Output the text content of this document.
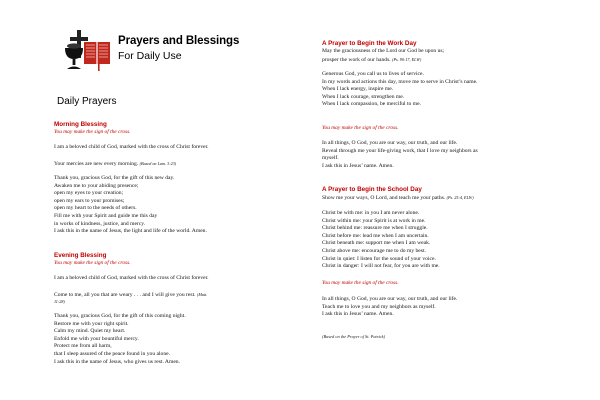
Prayers and Blessings
For Daily Use
Daily Prayers
Morning Blessing
You may make the sign of the cross.
I am a beloved child of God, marked with the cross of Christ forever.
Your mercies are new every morning. (Based on Lam. 3:23)
Thank you, gracious God, for the gift of this new day.
Awaken me to your abiding presence;
open my eyes to your creation;
open my ears to your promises;
open my heart to the needs of others.
Fill me with your Spirit and guide me this day
in works of kindness, justice, and mercy.
I ask this in the name of Jesus, the light and life of the world. Amen.
Evening Blessing
You may make the sign of the cross.
I am a beloved child of God, marked with the cross of Christ forever.
Come to me, all you that are weary . . . and I will give you rest. (Matt.
11:28)
Thank you, gracious God, for the gift of this coming night.
Restore me with your right spirit.
Calm my mind. Quiet my heart.
Enfold me with your bountiful mercy.
Protect me from all harm,
that I sleep assured of the peace found in you alone.
I ask this in the name of Jesus, who gives us rest. Amen.
A Prayer to Begin the Work Day
May the graciousness of the Lord our God be upon us;
prosper the work of our hands. (Ps. 90:17, ELW)
Generous God, you call us to lives of service.
In my words and actions this day, move me to serve in Christ’s name.
When I lack energy, inspire me.
When I lack courage, strengthen me.
When I lack compassion, be merciful to me.
You may make the sign of the cross.
In all things, O God, you are our way, our truth, and our life.
Reveal through me your life-giving work, that I love my neighbors as
myself.
I ask this in Jesus’ name. Amen.
A Prayer to Begin the School Day
Show me your ways, O Lord, and teach me your paths. (Ps. 25:4, ELW)
Christ be with me: in you I am never alone.
Christ within me: your Spirit is at work in me.
Christ behind me: reassure me when I struggle.
Christ before me: lead me when I am uncertain.
Christ beneath me: support me when I am weak.
Christ above me: encourage me to do my best.
Christ in quiet: I listen for the sound of your voice.
Christ in danger: I will not fear, for you are with me.
You may make the sign of the cross.
In all things, O God, you are our way, our truth, and our life.
Teach me to love you and my neighbors as myself.
I ask this in Jesus’ name. Amen.
(Based on the Prayer of St. Patrick)
